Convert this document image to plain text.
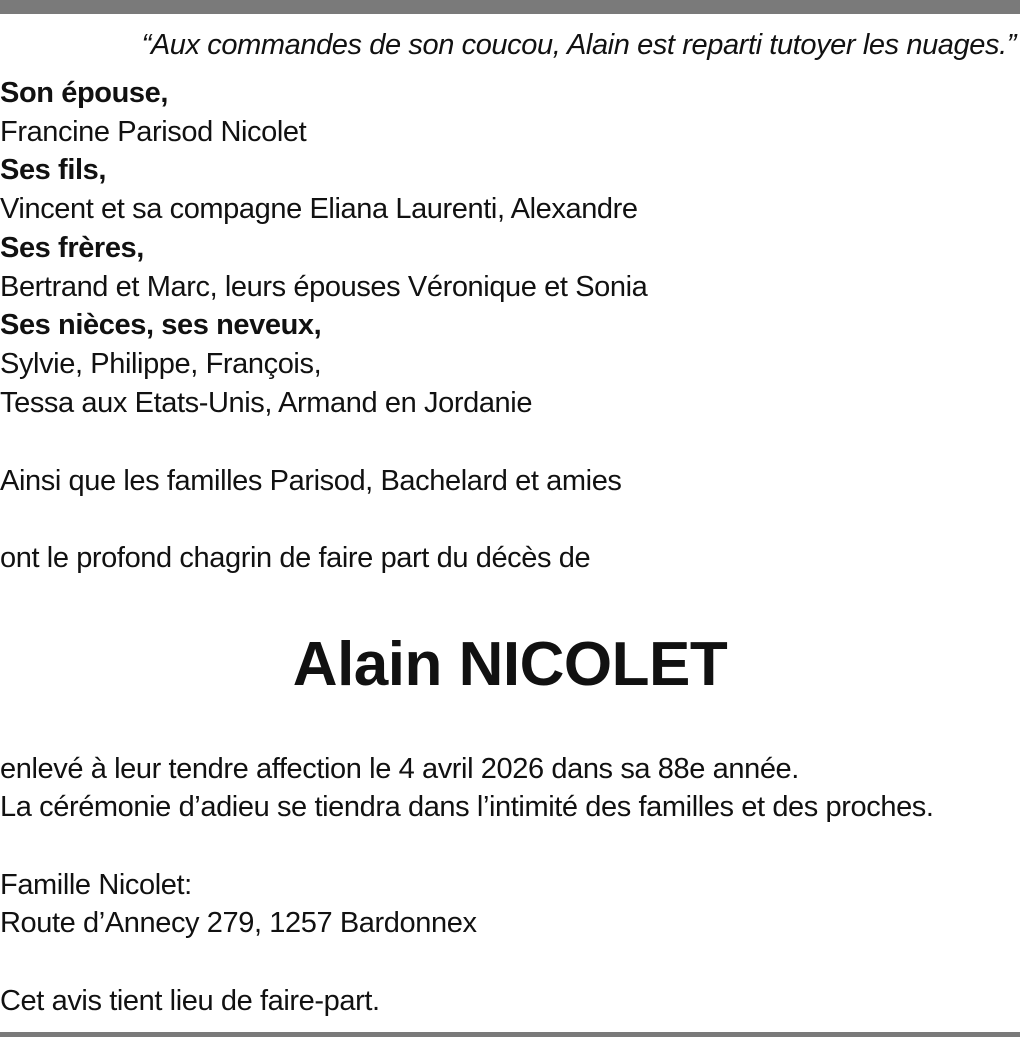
“Aux commandes de son coucou, Alain est reparti tutoyer les nuages.”
Son épouse,
Francine Parisod Nicolet
Ses fils,
Vincent et sa compagne Eliana Laurenti, Alexandre
Ses frères,
Bertrand et Marc, leurs épouses Véronique et Sonia
Ses nièces, ses neveux,
Sylvie, Philippe, François,
Tessa aux Etats-Unis, Armand en Jordanie
Ainsi que les familles Parisod, Bachelard et amies
ont le profond chagrin de faire part du décès de
Alain NICOLET
enlevé à leur tendre affection le 4 avril 2026 dans sa 88e année.
La cérémonie d’adieu se tiendra dans l’intimité des familles et des proches.
Famille Nicolet:
Route d’Annecy 279, 1257 Bardonnex
Cet avis tient lieu de faire-part.
